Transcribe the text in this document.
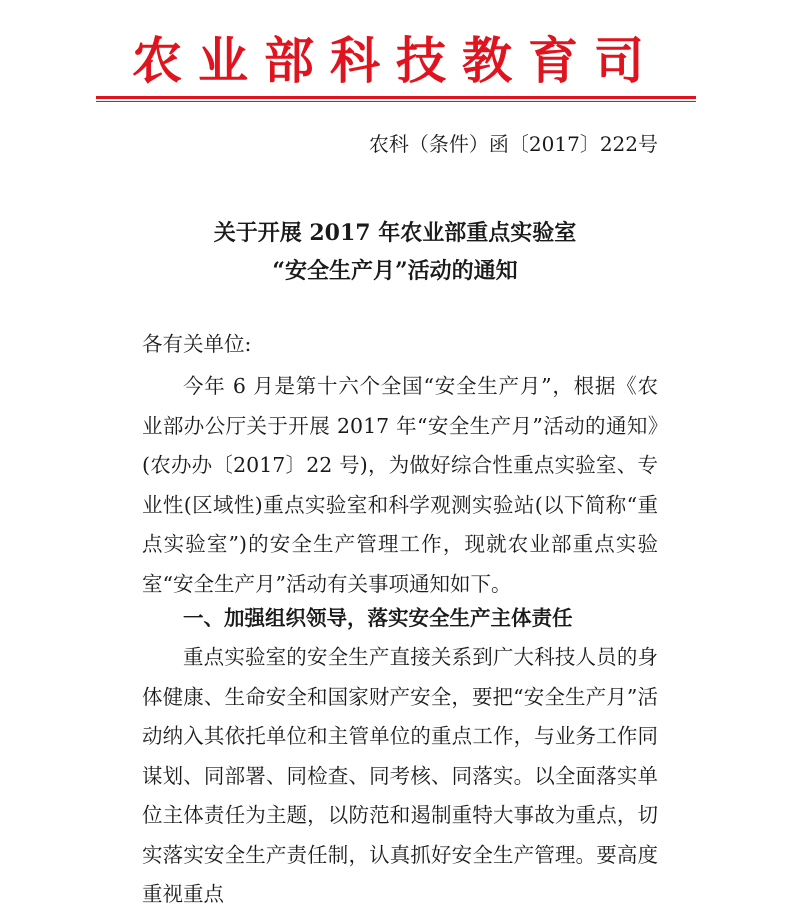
农业部科技教育司
农科（条件）函〔2017〕222号
关于开展 2017 年农业部重点实验室
“安全生产月”活动的通知
各有关单位:
今年 6 月是第十六个全国“安全生产月”，根据《农业部办公厅关于开展 2017 年“安全生产月”活动的通知》(农办办〔2017〕22 号)，为做好综合性重点实验室、专业性(区域性)重点实验室和科学观测实验站(以下简称“重点实验室”)的安全生产管理工作，现就农业部重点实验室“安全生产月”活动有关事项通知如下。
一、加强组织领导，落实安全生产主体责任
重点实验室的安全生产直接关系到广大科技人员的身体健康、生命安全和国家财产安全，要把“安全生产月”活动纳入其依托单位和主管单位的重点工作，与业务工作同谋划、同部署、同检查、同考核、同落实。以全面落实单位主体责任为主题，以防范和遏制重特大事故为重点，切实落实安全生产责任制，认真抓好安全生产管理。要高度重视重点
